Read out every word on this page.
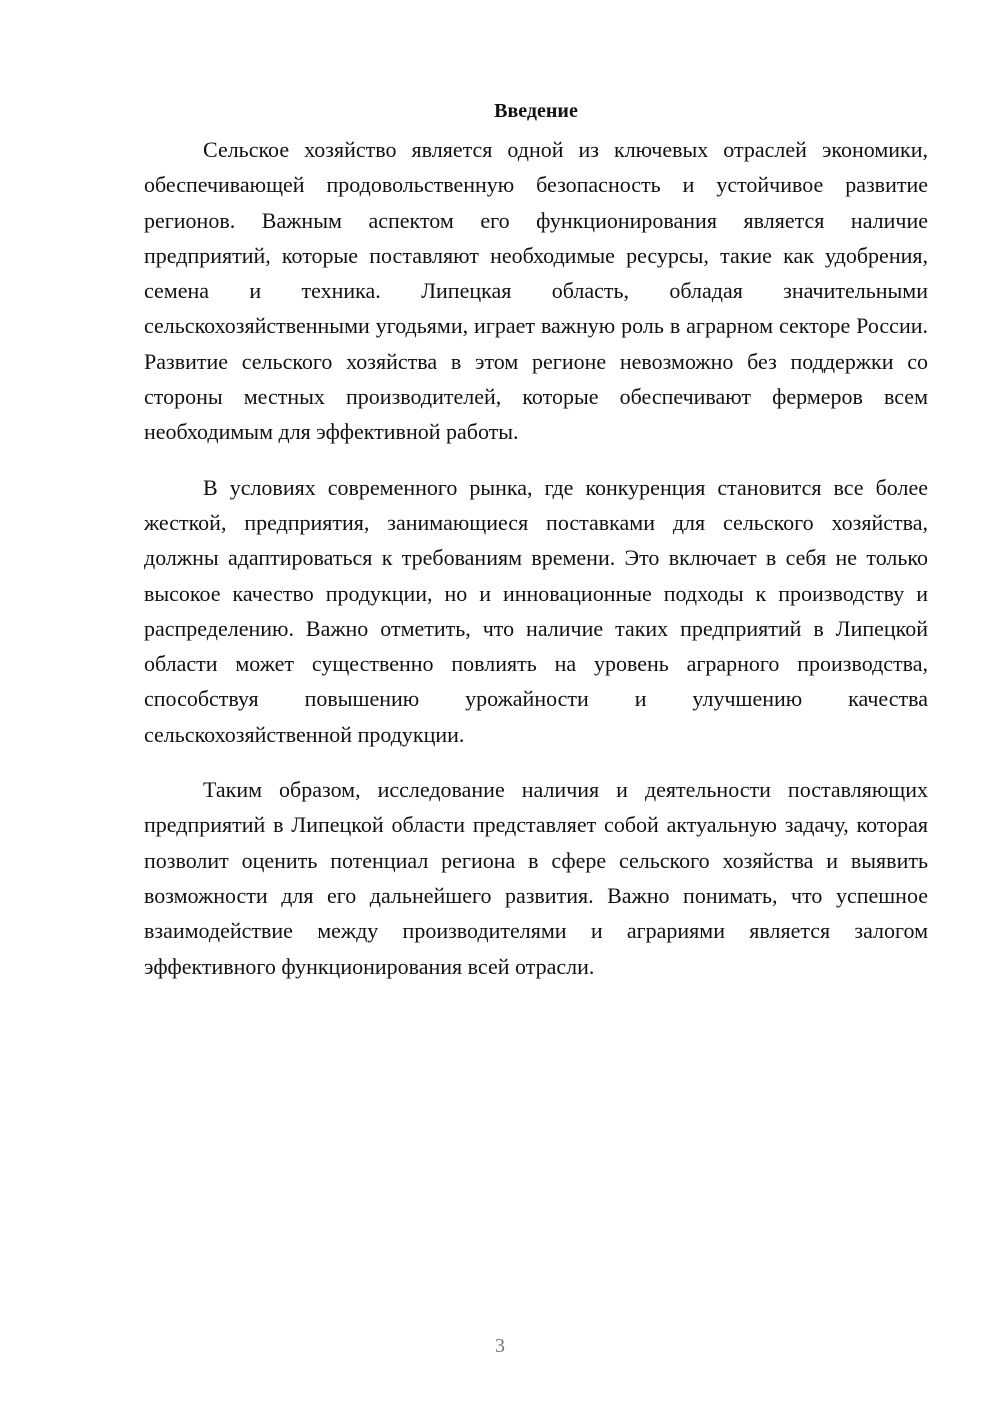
Введение

Сельское хозяйство является одной из ключевых отраслей экономики, обеспечивающей продовольственную безопасность и устойчивое развитие регионов. Важным аспектом его функционирования является наличие предприятий, которые поставляют необходимые ресурсы, такие как удобрения, семена и техника. Липецкая область, обладая значительными сельскохозяйственными угодьями, играет важную роль в аграрном секторе России. Развитие сельского хозяйства в этом регионе невозможно без поддержки со стороны местных производителей, которые обеспечивают фермеров всем необходимым для эффективной работы.

В условиях современного рынка, где конкуренция становится все более жесткой, предприятия, занимающиеся поставками для сельского хозяйства, должны адаптироваться к требованиям времени. Это включает в себя не только высокое качество продукции, но и инновационные подходы к производству и распределению. Важно отметить, что наличие таких предприятий в Липецкой области может существенно повлиять на уровень аграрного производства, способствуя повышению урожайности и улучшению качества сельскохозяйственной продукции.

Таким образом, исследование наличия и деятельности поставляющих предприятий в Липецкой области представляет собой актуальную задачу, которая позволит оценить потенциал региона в сфере сельского хозяйства и выявить возможности для его дальнейшего развития. Важно понимать, что успешное взаимодействие между производителями и аграриями является залогом эффективного функционирования всей отрасли.

3
